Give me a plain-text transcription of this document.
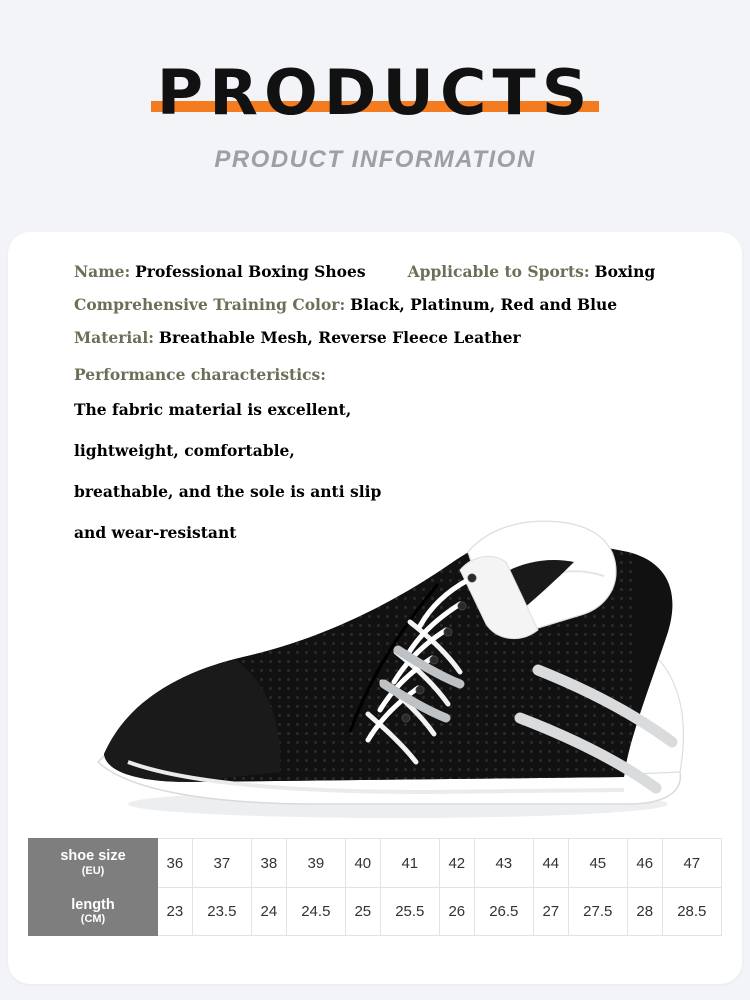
PRODUCTS
PRODUCT INFORMATION
Name: Professional Boxing Shoes	Applicable to Sports: Boxing
Comprehensive Training Color: Black, Platinum, Red and Blue
Material: Breathable Mesh, Reverse Fleece Leather
Performance characteristics:
The fabric material is excellent,
lightweight, comfortable,
breathable, and the sole is anti slip
and wear-resistant
shoe size
(EU)	36	37	38	39	40	41	42	43	44	45	46	47
length
(CM)	23	23.5	24	24.5	25	25.5	26	26.5	27	27.5	28	28.5
